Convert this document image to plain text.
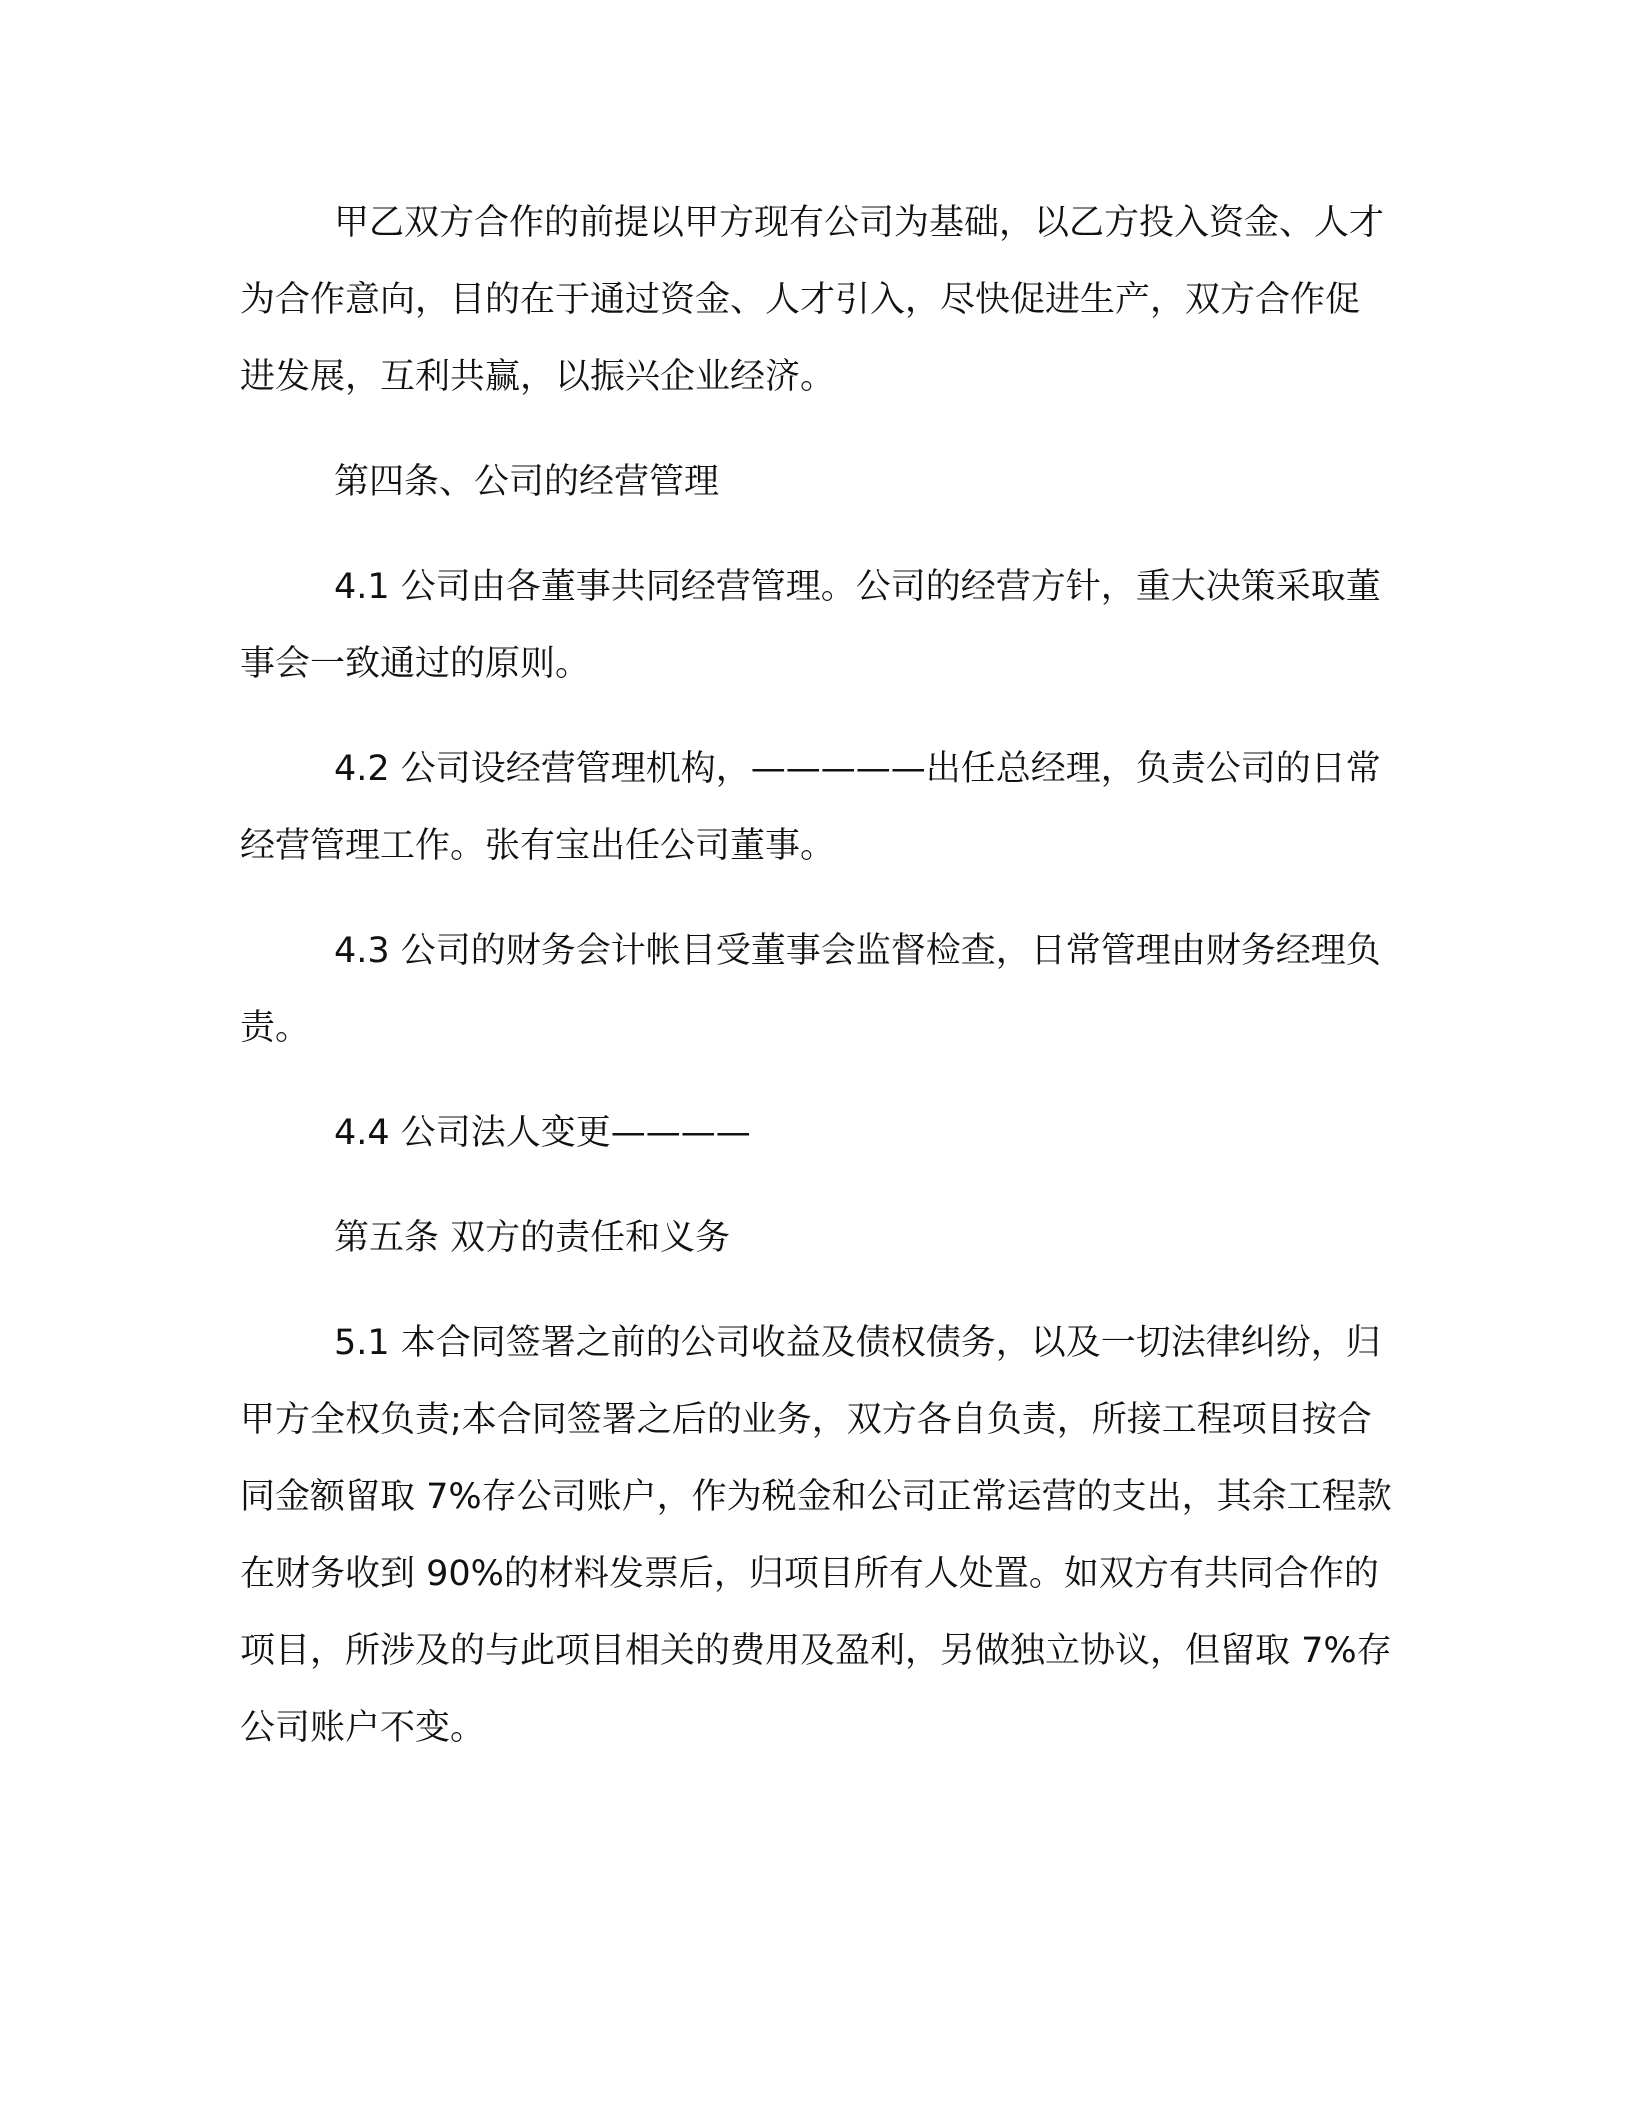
甲乙双方合作的前提以甲方现有公司为基础，以乙方投入资金、人才为合作意向，目的在于通过资金、人才引入，尽快促进生产，双方合作促进发展，互利共赢，以振兴企业经济。

第四条、公司的经营管理

4.1 公司由各董事共同经营管理。公司的经营方针，重大决策采取董事会一致通过的原则。

4.2 公司设经营管理机构，—————出任总经理，负责公司的日常经营管理工作。张有宝出任公司董事。

4.3 公司的财务会计帐目受董事会监督检查，日常管理由财务经理负责。

4.4 公司法人变更————

第五条 双方的责任和义务

5.1 本合同签署之前的公司收益及债权债务，以及一切法律纠纷，归甲方全权负责;本合同签署之后的业务，双方各自负责，所接工程项目按合同金额留取 7%存公司账户，作为税金和公司正常运营的支出，其余工程款在财务收到 90%的材料发票后，归项目所有人处置。如双方有共同合作的项目，所涉及的与此项目相关的费用及盈利，另做独立协议，但留取 7%存公司账户不变。
